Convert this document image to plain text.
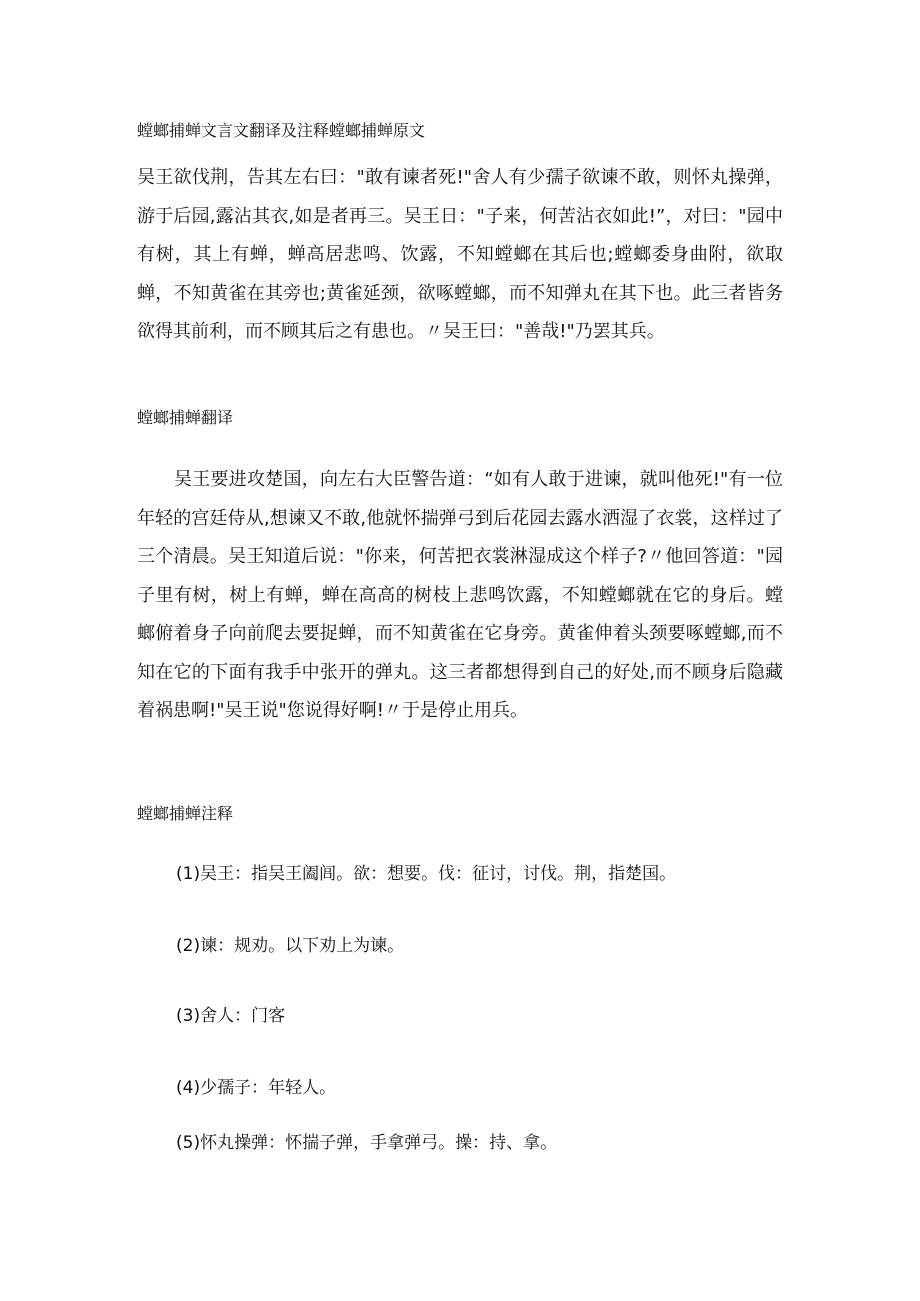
螳螂捕蝉文言文翻译及注释螳螂捕蝉原文

吴王欲伐荆，告其左右曰："敢有谏者死!"舍人有少孺子欲谏不敢，则怀丸操弹，游于后园,露沾其衣,如是者再三。吴王日："子来，何苦沾衣如此!”，对曰："园中有树，其上有蝉，蝉高居悲鸣、饮露，不知螳螂在其后也;螳螂委身曲附，欲取蝉，不知黄雀在其旁也;黄雀延颈，欲啄螳螂，而不知弹丸在其下也。此三者皆务欲得其前利，而不顾其后之有患也。〃吴王曰："善哉!"乃罢其兵。

螳螂捕蝉翻译

吴王要进攻楚国，向左右大臣警告道：“如有人敢于进谏，就叫他死!"有一位年轻的宫廷侍从,想谏又不敢,他就怀揣弹弓到后花园去露水洒湿了衣裳，这样过了三个清晨。吴王知道后说："你来，何苦把衣裳淋湿成这个样子?〃他回答道："园子里有树，树上有蝉，蝉在高高的树枝上悲鸣饮露，不知螳螂就在它的身后。螳螂俯着身子向前爬去要捉蝉，而不知黄雀在它身旁。黄雀伸着头颈要啄螳螂,而不知在它的下面有我手中张开的弹丸。这三者都想得到自己的好处,而不顾身后隐藏着祸患啊!"吴王说"您说得好啊!〃于是停止用兵。

螳螂捕蝉注释
(1)吴王：指吴王阖闾。欲：想要。伐：征讨，讨伐。荆，指楚国。
(2)谏：规劝。以下劝上为谏。
(3)舍人：门客
(4)少孺子：年轻人。
(5)怀丸操弹：怀揣子弹，手拿弹弓。操：持、拿。
